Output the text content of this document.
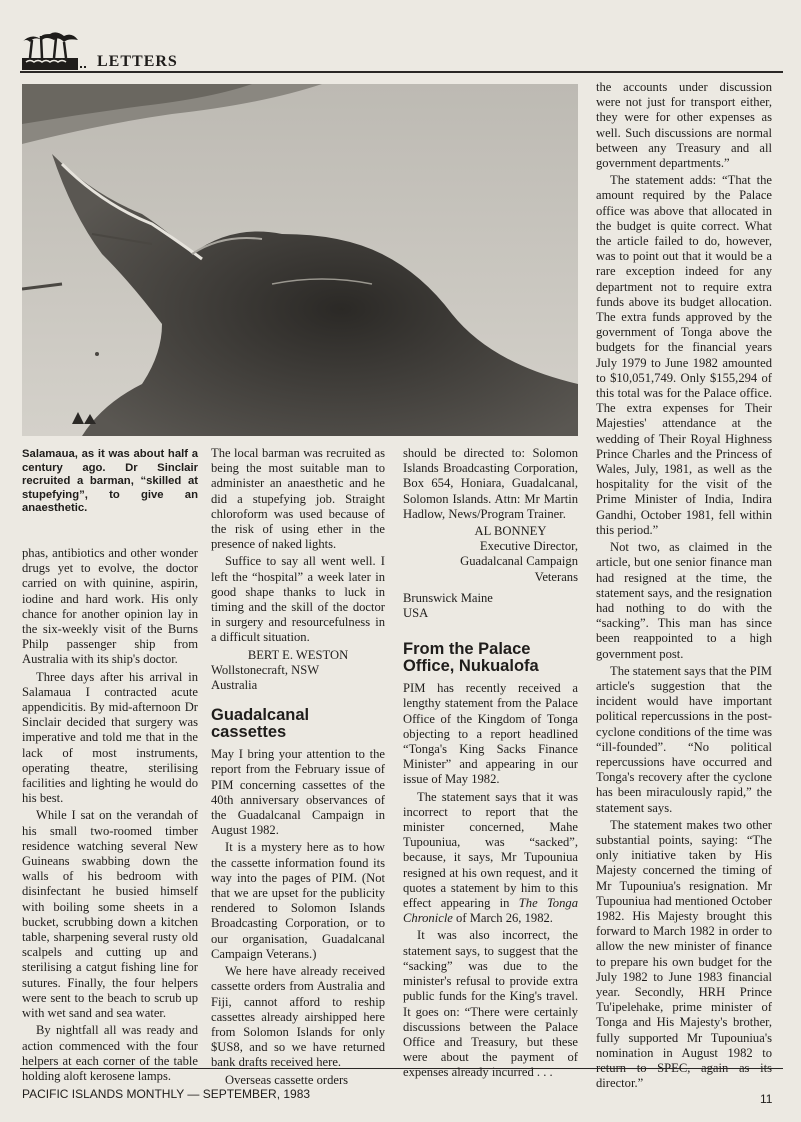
LETTERS
Salamaua, as it was about half a century ago. Dr Sinclair recruited a barman, “skilled at stupefying”, to give an anaesthetic.

phas, antibiotics and other wonder drugs yet to evolve, the doctor carried on with quinine, aspirin, iodine and hard work. His only chance for another opinion lay in the six-weekly visit of the Burns Philp passenger ship from Australia with its ship's doctor.

Three days after his arrival in Salamaua I contracted acute appendicitis. By mid-afternoon Dr Sinclair decided that surgery was imperative and told me that in the lack of most instruments, operating theatre, sterilising facilities and lighting he would do his best.

While I sat on the verandah of his small two-roomed timber residence watching several New Guineans swabbing down the walls of his bedroom with disinfectant he busied himself with boiling some sheets in a bucket, scrubbing down a kitchen table, sharpening several rusty old scalpels and cutting up and sterilising a catgut fishing line for sutures. Finally, the four helpers were sent to the beach to scrub up with wet sand and sea water.

By nightfall all was ready and action commenced with the four helpers at each corner of the table holding aloft kerosene lamps.

The local barman was recruited as being the most suitable man to administer an anaesthetic and he did a stupefying job. Straight chloroform was used because of the risk of using ether in the presence of naked lights.

Suffice to say all went well. I left the “hospital” a week later in good shape thanks to luck in timing and the skill of the doctor in surgery and resourcefulness in a difficult situation.

BERT E. WESTON

Wollstonecraft, NSW

Australia

Guadalcanal cassettes

May I bring your attention to the report from the February issue of PIM concerning cassettes of the 40th anniversary observances of the Guadalcanal Campaign in August 1982.

It is a mystery here as to how the cassette information found its way into the pages of PIM. (Not that we are upset for the publicity rendered to Solomon Islands Broadcasting Corporation, or to our organisation, Guadalcanal Campaign Veterans.)

We here have already received cassette orders from Australia and Fiji, cannot afford to reship cassettes already airshipped here from Solomon Islands for only $US8, and so we have returned bank drafts received here.

Overseas cassette orders

should be directed to: Solomon Islands Broadcasting Corporation, Box 654, Honiara, Guadalcanal, Solomon Islands. Attn: Mr Martin Hadlow, News/Program Trainer.

AL BONNEY

Executive Director,

Guadalcanal Campaign

Veterans

Brunswick Maine

USA

From the Palace Office, Nukualofa

PIM has recently received a lengthy statement from the Palace Office of the Kingdom of Tonga objecting to a report headlined “Tonga's King Sacks Finance Minister” and appearing in our issue of May 1982.

The statement says that it was incorrect to report that the minister concerned, Mahe Tupouniua, was “sacked”, because, it says, Mr Tupouniua resigned at his own request, and it quotes a statement by him to this effect appearing in The Tonga Chronicle of March 26, 1982.

It was also incorrect, the statement says, to suggest that the “sacking” was due to the minister's refusal to provide extra public funds for the King's travel. It goes on: “There were certainly discussions between the Palace Office and Treasury, but these were about the payment of expenses already incurred . . .

the accounts under discussion were not just for transport either, they were for other expenses as well. Such discussions are normal between any Treasury and all government departments.”

The statement adds: “That the amount required by the Palace office was above that allocated in the budget is quite correct. What the article failed to do, however, was to point out that it would be a rare exception indeed for any department not to require extra funds above its budget allocation. The extra funds approved by the government of Tonga above the budgets for the financial years July 1979 to June 1982 amounted to $10,051,749. Only $155,294 of this total was for the Palace office. The extra expenses for Their Majesties' attendance at the wedding of Their Royal Highness Prince Charles and the Princess of Wales, July, 1981, as well as the hospitality for the visit of the Prime Minister of India, Indira Gandhi, October 1981, fell within this period.”

Not two, as claimed in the article, but one senior finance man had resigned at the time, the statement says, and the resignation had nothing to do with the “sacking”. This man has since been reappointed to a high government post.

The statement says that the PIM article's suggestion that the incident would have important political repercussions in the post-cyclone conditions of the time was “ill-founded”. “No political repercussions have occurred and Tonga's recovery after the cyclone has been miraculously rapid,” the statement says.

The statement makes two other substantial points, saying: “The only initiative taken by His Majesty concerned the timing of Mr Tupouniua's resignation. Mr Tupouniua had mentioned October 1982. His Majesty brought this forward to March 1982 in order to allow the new minister of finance to prepare his own budget for the July 1982 to June 1983 financial year. Secondly, HRH Prince Tu'ipelehake, prime minister of Tonga and His Majesty's brother, fully supported Mr Tupouniua's nomination in August 1982 to return to SPEC, again as its director.”

PACIFIC ISLANDS MONTHLY — SEPTEMBER, 1983	11
